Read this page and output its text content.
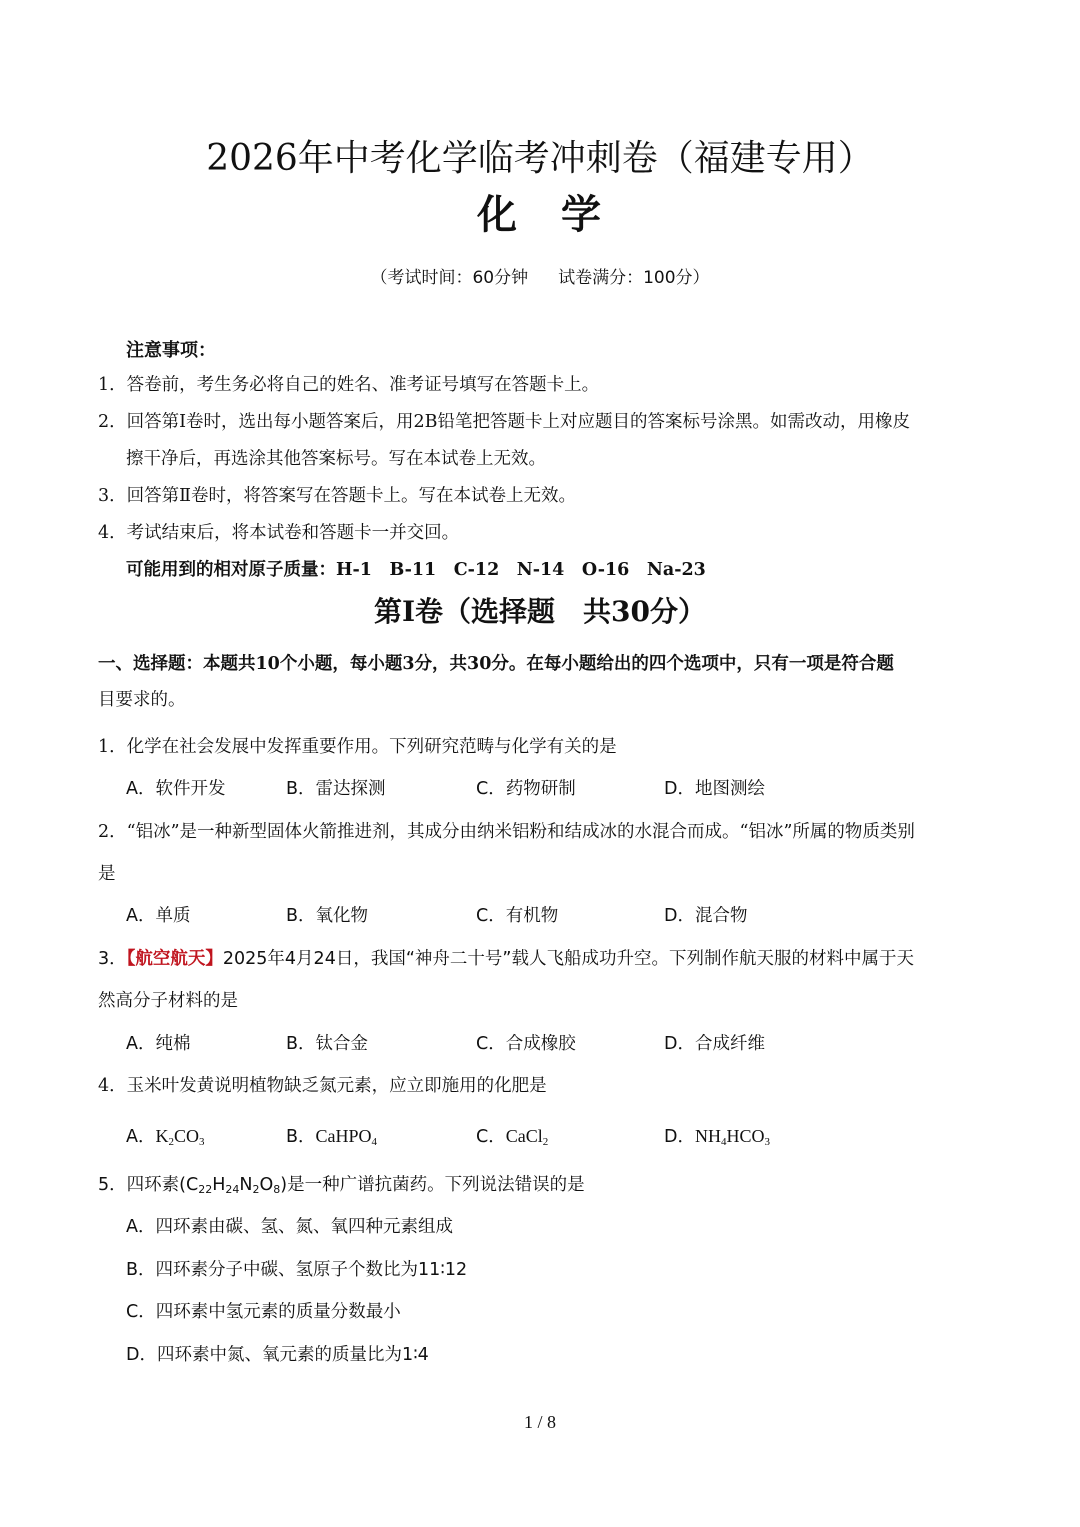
2026年中考化学临考冲刺卷（福建专用）
化　学
（考试时间：60分钟 试卷满分：100分）
注意事项：
1．答卷前，考生务必将自己的姓名、准考证号填写在答题卡上。
2．回答第Ⅰ卷时，选出每小题答案后，用2B铅笔把答题卡上对应题目的答案标号涂黑。如需改动，用橡皮
擦干净后，再选涂其他答案标号。写在本试卷上无效。
3．回答第Ⅱ卷时，将答案写在答题卡上。写在本试卷上无效。
4．考试结束后，将本试卷和答题卡一并交回。
可能用到的相对原子质量：H-1　B-11　C-12　N-14　O-16　Na-23
第Ⅰ卷（选择题　共30分）
一、选择题：本题共10个小题，每小题3分，共30分。在每小题给出的四个选项中，只有一项是符合题
目要求的。
1．化学在社会发展中发挥重要作用。下列研究范畴与化学有关的是
A．软件开发	B．雷达探测	C．药物研制	D．地图测绘
2．“铝冰”是一种新型固体火箭推进剂，其成分由纳米铝粉和结成冰的水混合而成。“铝冰”所属的物质类别
是
A．单质	B．氧化物	C．有机物	D．混合物
3．【航空航天】2025年4月24日，我国“神舟二十号”载人飞船成功升空。下列制作航天服的材料中属于天
然高分子材料的是
A．纯棉	B．钛合金	C．合成橡胶	D．合成纤维
4．玉米叶发黄说明植物缺乏氮元素，应立即施用的化肥是
A．$K_2CO_3$	B．CaHPO$_4$	C．CaCl$_2$	D．$NH_4HCO_3$
5．四环素$(C_{22}H_{24}N_2O_8)$是一种广谱抗菌药。下列说法错误的是
A．四环素由碳、氢、氮、氧四种元素组成
B．四环素分子中碳、氢原子个数比为11∶12
C．四环素中氢元素的质量分数最小
D．四环素中氮、氧元素的质量比为1∶4
1 / 8
